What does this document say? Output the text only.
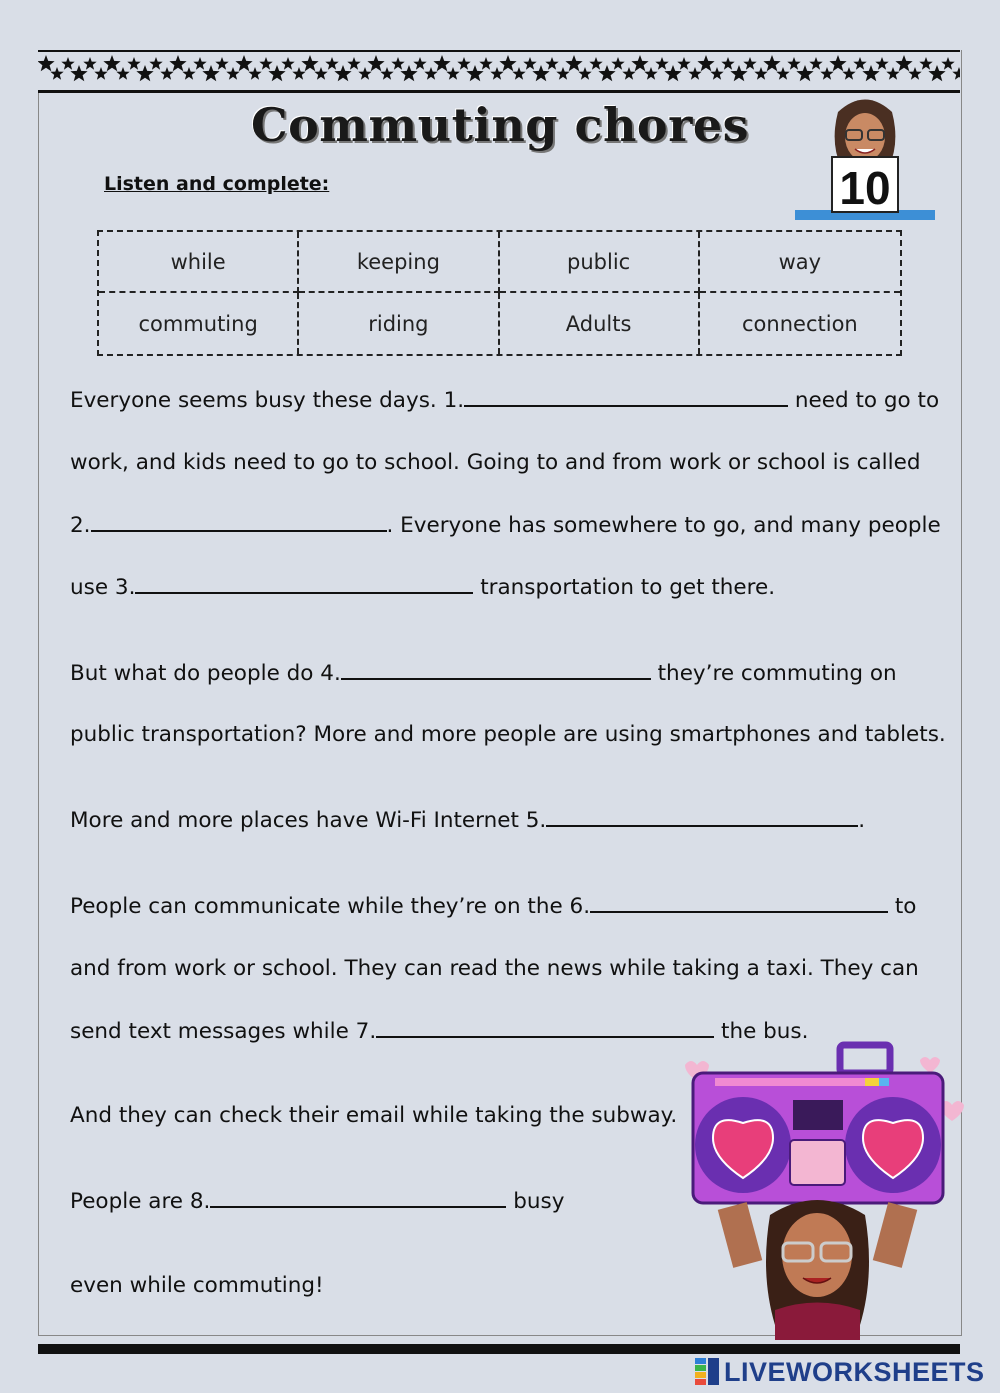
Commuting chores
Listen and complete:	10
while	keeping	public	way
commuting	riding	Adults	connection
Everyone seems busy these days. 1.	need to go to
work, and kids need to go to school. Going to and from work or school is called
2.	. Everyone has somewhere to go, and many people
use 3.	transportation to get there.
But what do people do 4.	they’re commuting on
public transportation? More and more people are using smartphones and tablets.
More and more places have Wi-Fi Internet 5.	.
People can communicate while they’re on the 6.	to
and from work or school. They can read the news while taking a taxi. They can
send text messages while 7.	the bus.
And they can check their email while taking the subway.
People are 8.	busy
even while commuting!
LIVEWORKSHEETS
